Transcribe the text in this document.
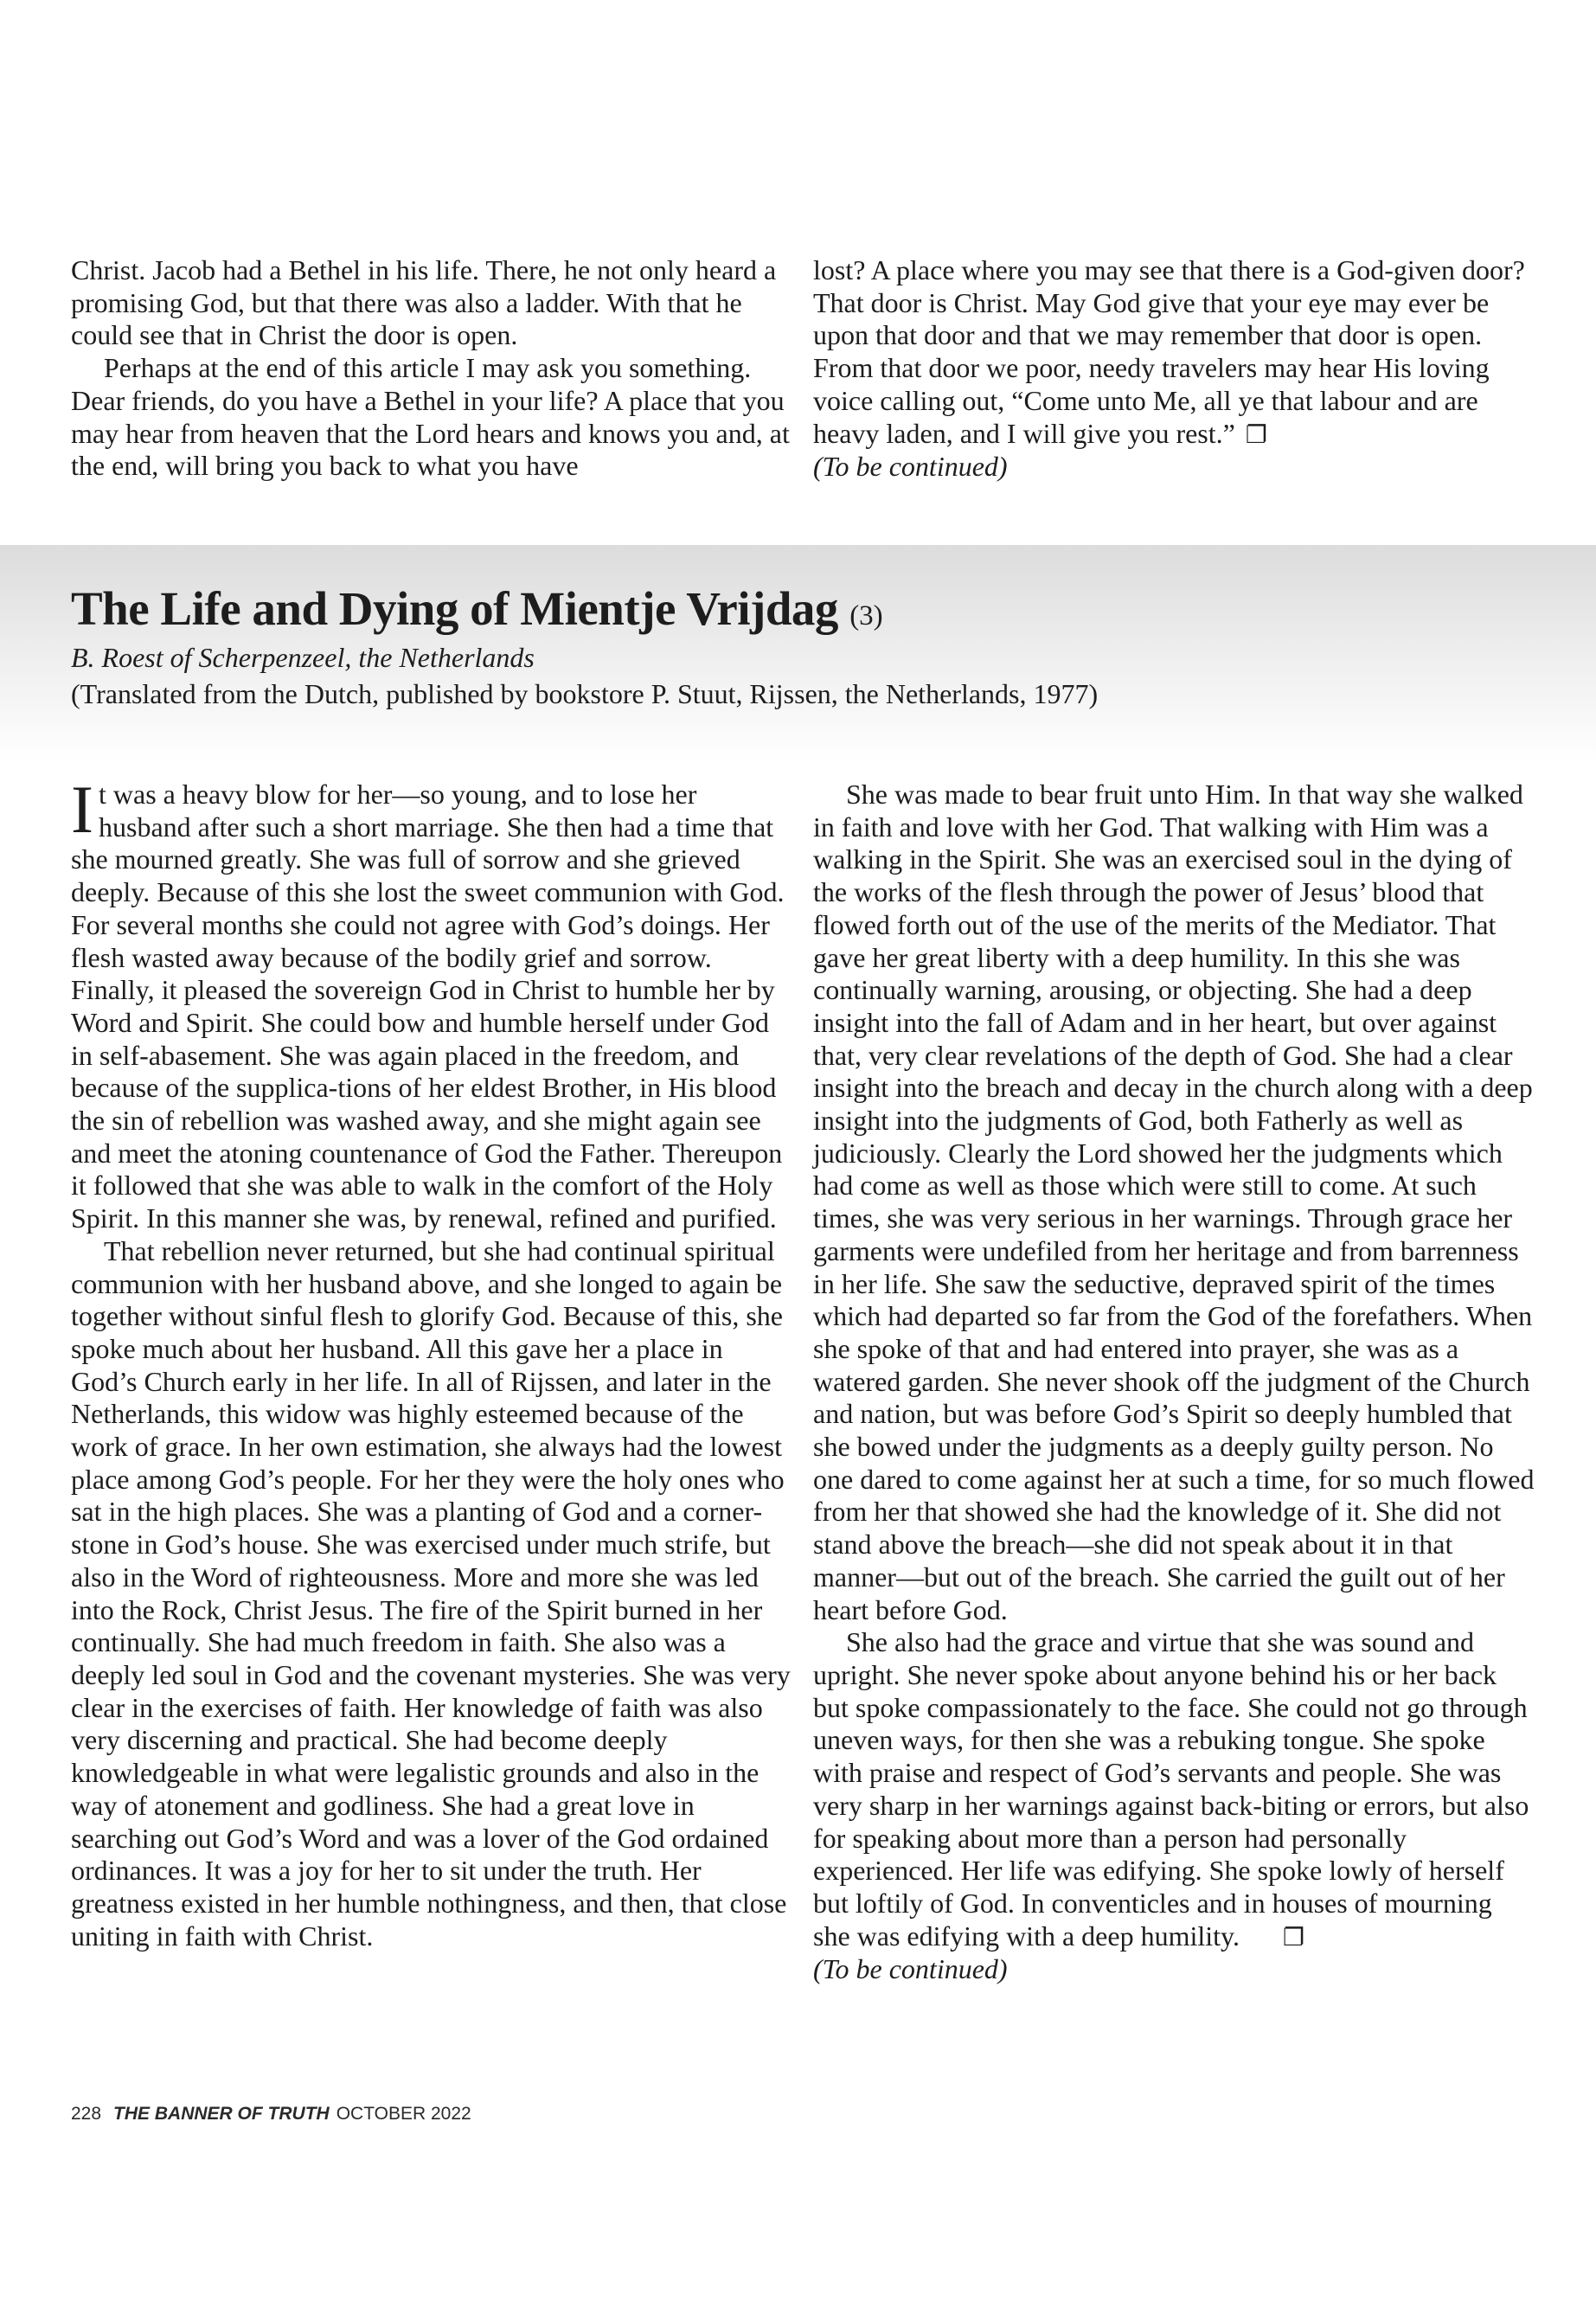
Christ. Jacob had a Bethel in his life. There, he not only heard a promising God, but that there was also a ladder. With that he could see that in Christ the door is open.

Perhaps at the end of this article I may ask you something. Dear friends, do you have a Bethel in your life? A place that you may hear from heaven that the Lord hears and knows you and, at the end, will bring you back to what you have

lost? A place where you may see that there is a God-given door? That door is Christ. May God give that your eye may ever be upon that door and that we may remember that door is open. From that door we poor, needy travelers may hear His loving voice calling out, “Come unto Me, all ye that labour and are heavy laden, and I will give you rest.” ❐

(To be continued)

The Life and Dying of Mientje Vrijdag (3)
B. Roest of Scherpenzeel, the Netherlands
(Translated from the Dutch, published by bookstore P. Stuut, Rijssen, the Netherlands, 1977)

It was a heavy blow for her—so young, and to lose her husband after such a short marriage. She then had a time that she mourned greatly. She was full of sorrow and she grieved deeply. Because of this she lost the sweet communion with God. For several months she could not agree with God’s doings. Her flesh wasted away because of the bodily grief and sorrow. Finally, it pleased the sovereign God in Christ to humble her by Word and Spirit. She could bow and humble herself under God in self-abasement. She was again placed in the freedom, and because of the supplica-tions of her eldest Brother, in His blood the sin of rebellion was washed away, and she might again see and meet the atoning countenance of God the Father. Thereupon it followed that she was able to walk in the comfort of the Holy Spirit. In this manner she was, by renewal, refined and purified.

That rebellion never returned, but she had continual spiritual communion with her husband above, and she longed to again be together without sinful flesh to glorify God. Because of this, she spoke much about her husband. All this gave her a place in God’s Church early in her life. In all of Rijssen, and later in the Netherlands, this widow was highly esteemed because of the work of grace. In her own estimation, she always had the lowest place among God’s people. For her they were the holy ones who sat in the high places. She was a planting of God and a corner-stone in God’s house. She was exercised under much strife, but also in the Word of righteousness. More and more she was led into the Rock, Christ Jesus. The fire of the Spirit burned in her continually. She had much freedom in faith. She also was a deeply led soul in God and the covenant mysteries. She was very clear in the exercises of faith. Her knowledge of faith was also very discerning and practical. She had become deeply knowledgeable in what were legalistic grounds and also in the way of atonement and godliness. She had a great love in searching out God’s Word and was a lover of the God ordained ordinances. It was a joy for her to sit under the truth. Her greatness existed in her humble nothingness, and then, that close uniting in faith with Christ.

She was made to bear fruit unto Him. In that way she walked in faith and love with her God. That walking with Him was a walking in the Spirit. She was an exercised soul in the dying of the works of the flesh through the power of Jesus’ blood that flowed forth out of the use of the merits of the Mediator. That gave her great liberty with a deep humility. In this she was continually warning, arousing, or objecting. She had a deep insight into the fall of Adam and in her heart, but over against that, very clear revelations of the depth of God. She had a clear insight into the breach and decay in the church along with a deep insight into the judgments of God, both Fatherly as well as judiciously. Clearly the Lord showed her the judgments which had come as well as those which were still to come. At such times, she was very serious in her warnings. Through grace her garments were undefiled from her heritage and from barrenness in her life. She saw the seductive, depraved spirit of the times which had departed so far from the God of the forefathers. When she spoke of that and had entered into prayer, she was as a watered garden. She never shook off the judgment of the Church and nation, but was before God’s Spirit so deeply humbled that she bowed under the judgments as a deeply guilty person. No one dared to come against her at such a time, for so much flowed from her that showed she had the knowledge of it. She did not stand above the breach—she did not speak about it in that manner—but out of the breach. She carried the guilt out of her heart before God.

She also had the grace and virtue that she was sound and upright. She never spoke about anyone behind his or her back but spoke compassionately to the face. She could not go through uneven ways, for then she was a rebuking tongue. She spoke with praise and respect of God’s servants and people. She was very sharp in her warnings against back-biting or errors, but also for speaking about more than a person had personally experienced. Her life was edifying. She spoke lowly of herself but loftily of God. In conventicles and in houses of mourning she was edifying with a deep humility. ❐

(To be continued)

228 THE BANNER OF TRUTH OCTOBER 2022
